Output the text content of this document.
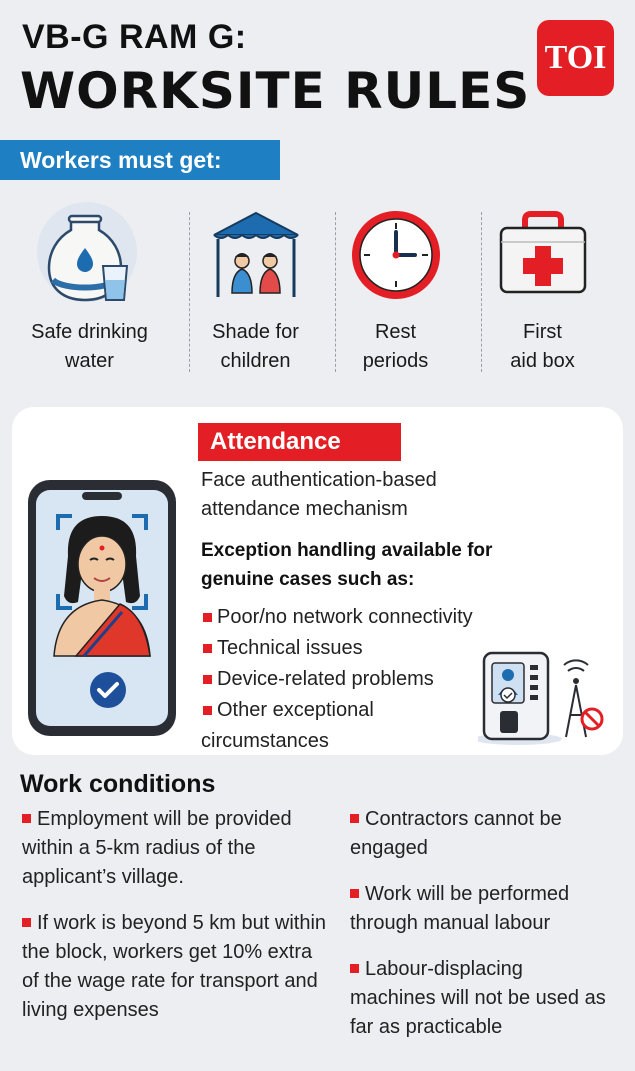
VB-G RAM G:
WORKSITE RULES
TOI
Workers must get:
Safe drinking
water
Shade for
children
Rest
periods
First
aid box
Attendance
Face authentication-based attendance mechanism
Exception handling available for genuine cases such as:
Poor/no network connectivity
Technical issues
Device-related problems
Other exceptional circumstances
Work conditions
Employment will be provided within a 5-km radius of the applicant’s village.
If work is beyond 5 km but within the block, workers get 10% extra of the wage rate for transport and living expenses
Contractors cannot be engaged
Work will be performed through manual labour
Labour-displacing machines will not be used as far as practicable
